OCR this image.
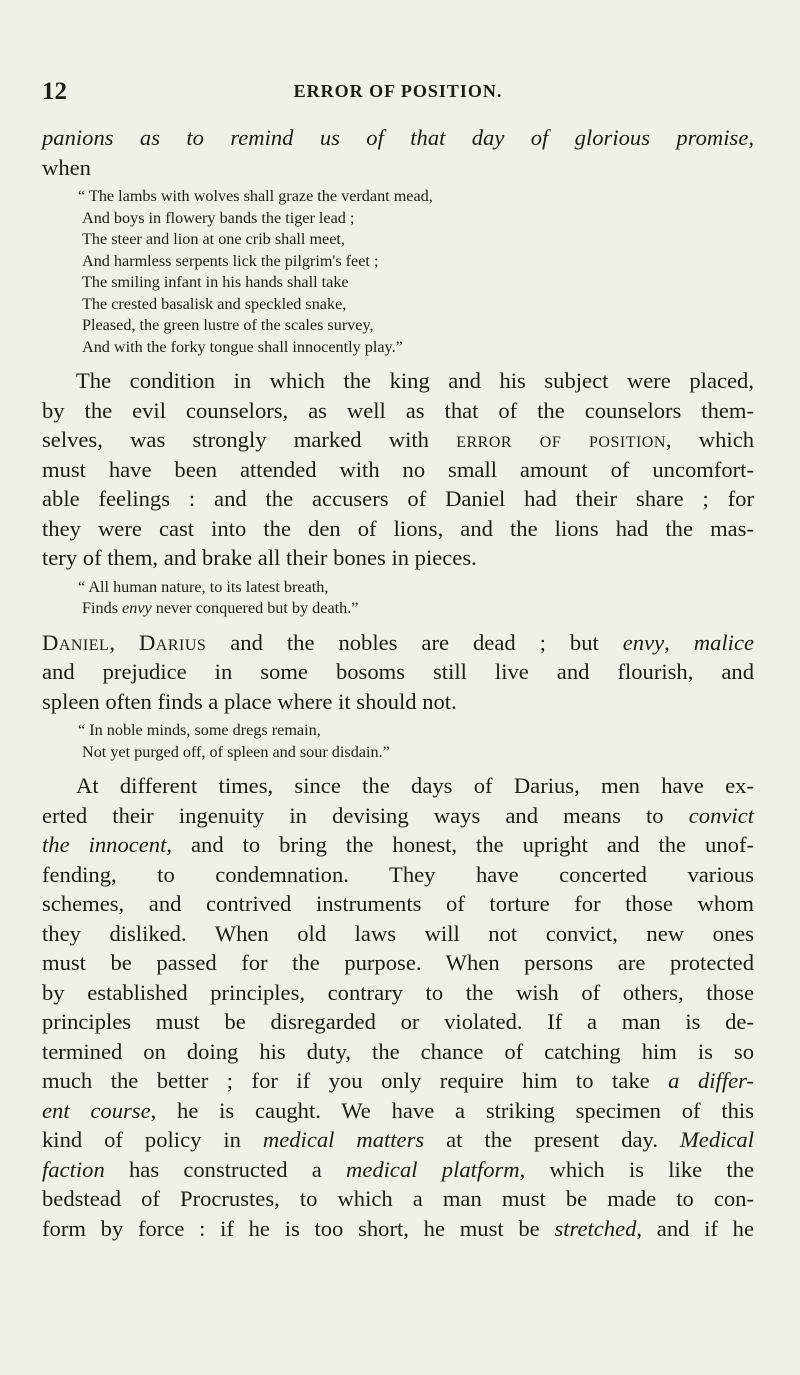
12	ERROR OF POSITION.

panions as to remind us of that day of glorious promise,
when

“ The lambs with wolves shall graze the verdant mead,
And boys in flowery bands the tiger lead ;
The steer and lion at one crib shall meet,
And harmless serpents lick the pilgrim's feet ;
The smiling infant in his hands shall take
The crested basalisk and speckled snake,
Pleased, the green lustre of the scales survey,
And with the forky tongue shall innocently play.”

The condition in which the king and his subject were placed,
by the evil counselors, as well as that of the counselors them-
selves, was strongly marked with error of position, which
must have been attended with no small amount of uncomfort-
able feelings : and the accusers of Daniel had their share ; for
they were cast into the den of lions, and the lions had the mas-
tery of them, and brake all their bones in pieces.

“ All human nature, to its latest breath,
Finds envy never conquered but by death.”

Daniel, Darius and the nobles are dead ; but envy, malice
and prejudice in some bosoms still live and flourish, and
spleen often finds a place where it should not.

“ In noble minds, some dregs remain,
Not yet purged off, of spleen and sour disdain.”

At different times, since the days of Darius, men have ex-
erted their ingenuity in devising ways and means to convict
the innocent, and to bring the honest, the upright and the unof-
fending, to condemnation. They have concerted various
schemes, and contrived instruments of torture for those whom
they disliked. When old laws will not convict, new ones
must be passed for the purpose. When persons are protected
by established principles, contrary to the wish of others, those
principles must be disregarded or violated. If a man is de-
termined on doing his duty, the chance of catching him is so
much the better ; for if you only require him to take a differ-
ent course, he is caught. We have a striking specimen of this
kind of policy in medical matters at the present day. Medical
faction has constructed a medical platform, which is like the
bedstead of Procrustes, to which a man must be made to con-
form by force : if he is too short, he must be stretched, and if he
